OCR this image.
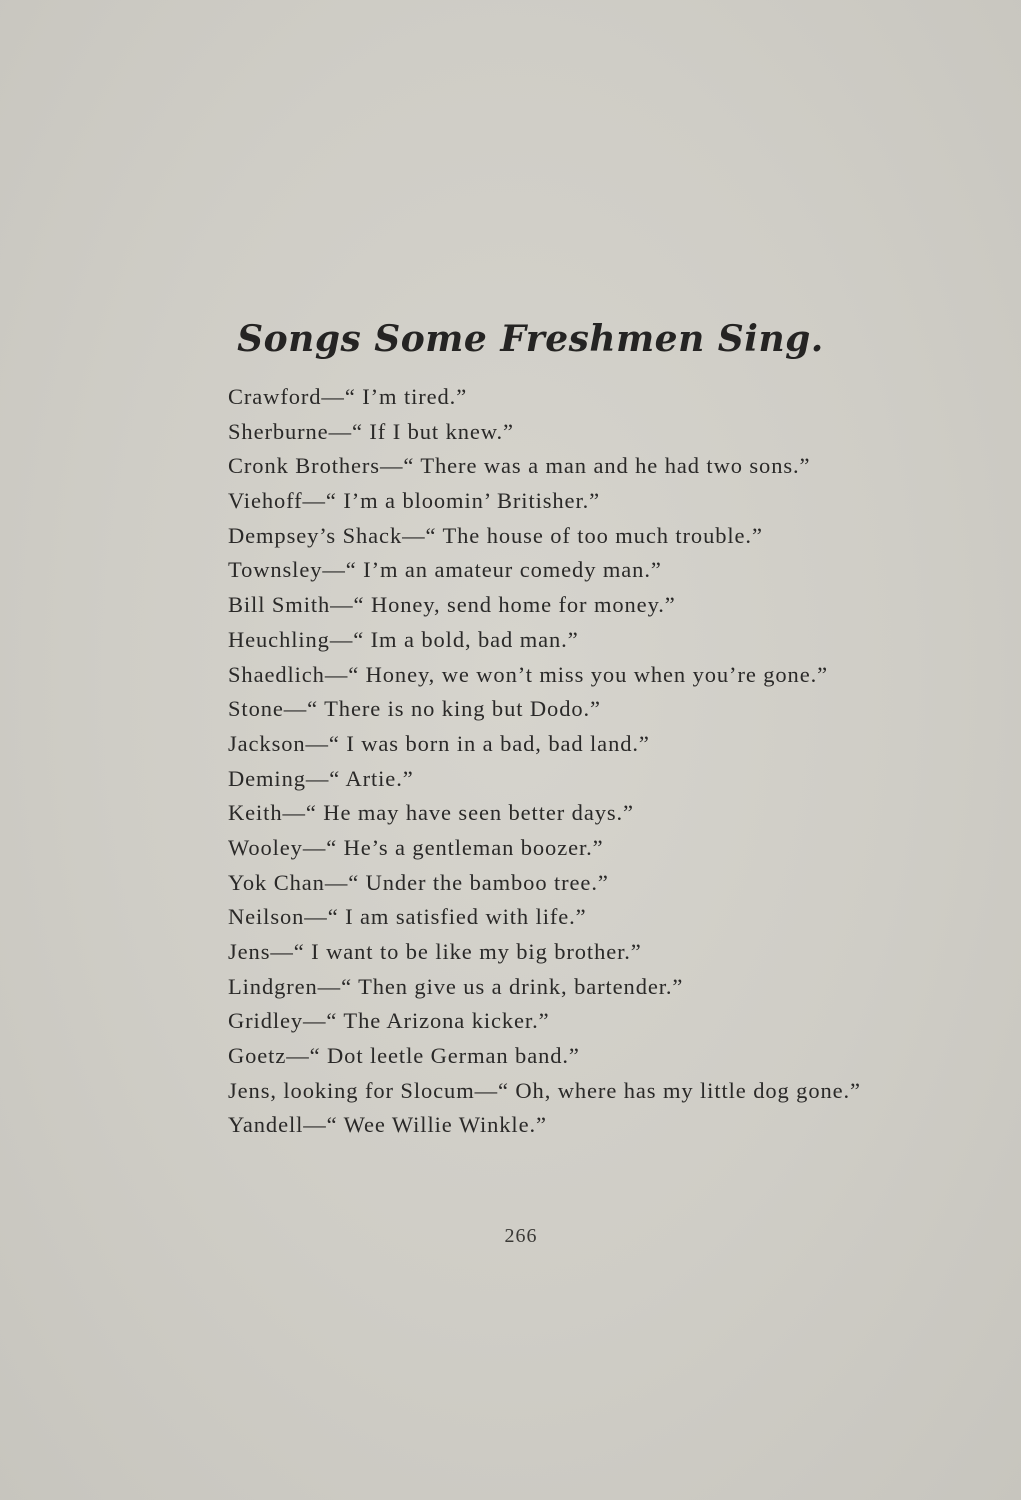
Songs Some Freshmen Sing.
Crawford—“ I’m tired.”
Sherburne—“ If I but knew.”
Cronk Brothers—“ There was a man and he had two sons.”
Viehoff—“ I’m a bloomin’ Britisher.”
Dempsey’s Shack—“ The house of too much trouble.”
Townsley—“ I’m an amateur comedy man.”
Bill Smith—“ Honey, send home for money.”
Heuchling—“ Im a bold, bad man.”
Shaedlich—“ Honey, we won’t miss you when you’re gone.”
Stone—“ There is no king but Dodo.”
Jackson—“ I was born in a bad, bad land.”
Deming—“ Artie.”
Keith—“ He may have seen better days.”
Wooley—“ He’s a gentleman boozer.”
Yok Chan—“ Under the bamboo tree.”
Neilson—“ I am satisfied with life.”
Jens—“ I want to be like my big brother.”
Lindgren—“ Then give us a drink, bartender.”
Gridley—“ The Arizona kicker.”
Goetz—“ Dot leetle German band.”
Jens, looking for Slocum—“ Oh, where has my little dog gone.”
Yandell—“ Wee Willie Winkle.”
266
